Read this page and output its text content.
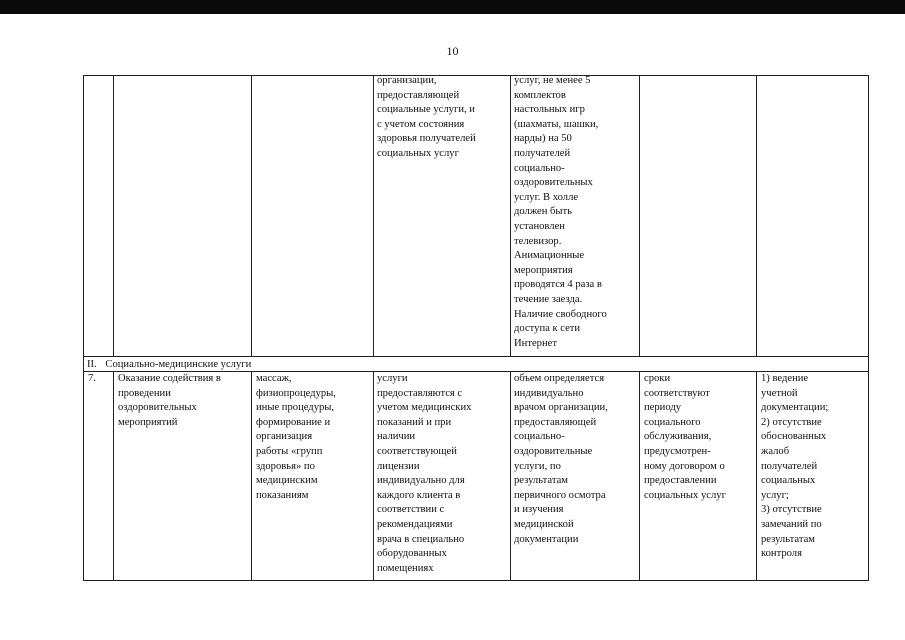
10
организации,
предоставляющей
социальные услуги, и
с учетом состояния
здоровья получателей
социальных услуг
услуг, не менее 5
комплектов
настольных игр
(шахматы, шашки,
нарды) на 50
получателей
социально-
оздоровительных
услуг. В холле
должен быть
установлен
телевизор.
Анимационные
мероприятия
проводятся 4 раза в
течение заезда.
Наличие свободного
доступа к сети
Интернет
II. Социально-медицинские услуги
7.	Оказание содействия в
проведении
оздоровительных
мероприятий
массаж,
физиопроцедуры,
иные процедуры,
формирование и
организация
работы «групп
здоровья» по
медицинским
показаниям
услуги
предоставляются с
учетом медицинских
показаний и при
наличии
соответствующей
лицензии
индивидуально для
каждого клиента в
соответствии с
рекомендациями
врача в специально
оборудованных
помещениях
объем определяется
индивидуально
врачом организации,
предоставляющей
социально-
оздоровительные
услуги, по
результатам
первичного осмотра
и изучения
медицинской
документации
сроки
соответствуют
периоду
социального
обслуживания,
предусмотрен-
ному договором о
предоставлении
социальных услуг
1) ведение
учетной
документации;
2) отсутствие
обоснованных
жалоб
получателей
социальных
услуг;
3) отсутствие
замечаний по
результатам
контроля
